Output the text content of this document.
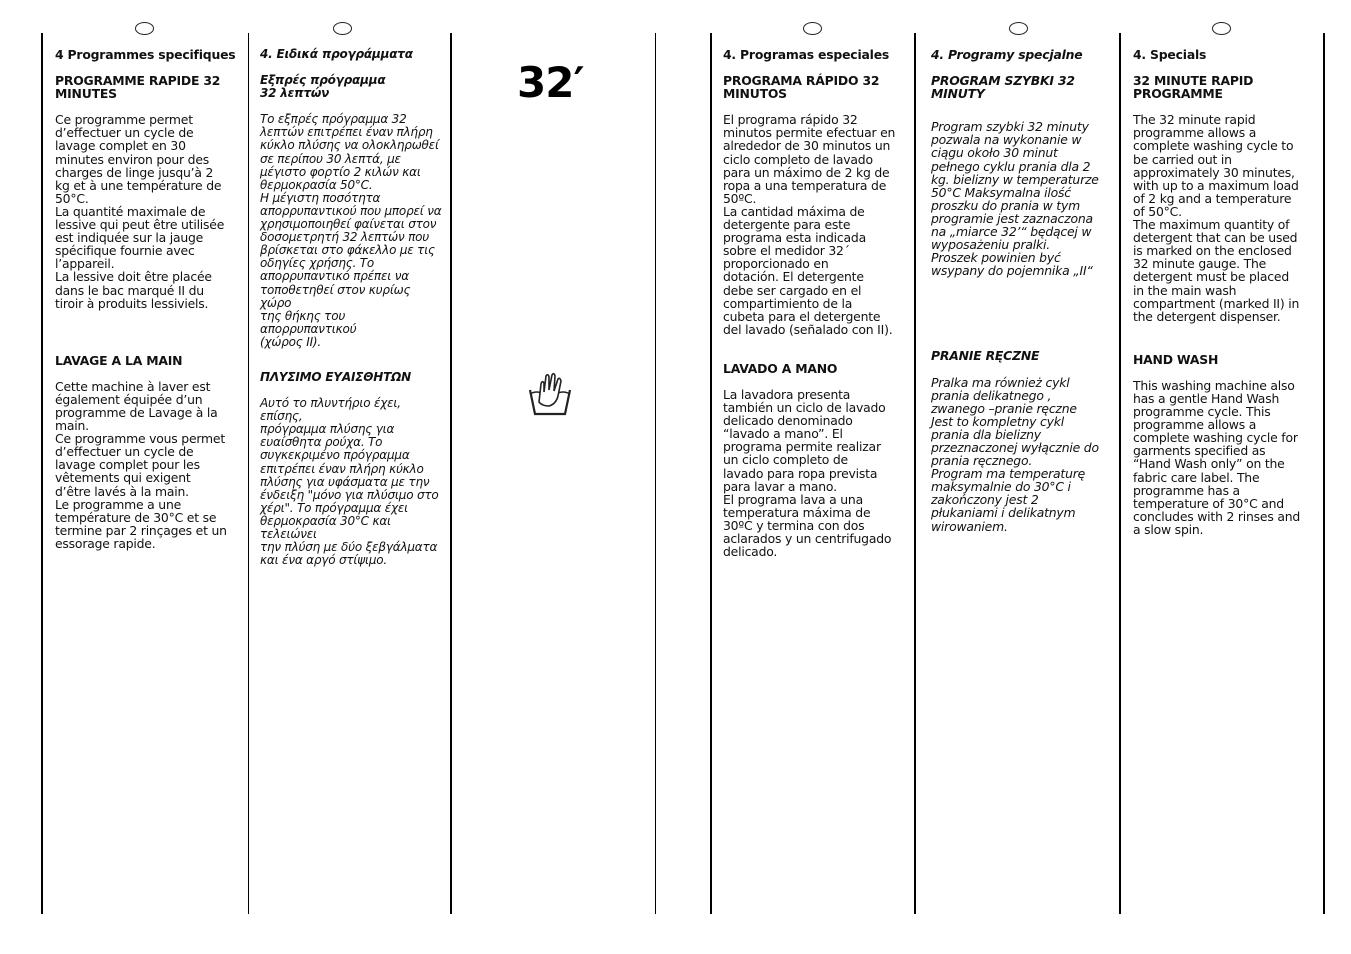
4 Programmes specifiques

PROGRAMME RAPIDE 32
MINUTES

Ce programme permet
d’effectuer un cycle de
lavage complet en 30
minutes environ pour des
charges de linge jusqu’à 2
kg et à une température de
50°C.
La quantité maximale de
lessive qui peut être utilisée
est indiquée sur la jauge
spécifique fournie avec
l’appareil.
La lessive doit être placée
dans le bac marqué II du
tiroir à produits lessiviels.

LAVAGE A LA MAIN

Cette machine à laver est
également équipée d’un
programme de Lavage à la
main.
Ce programme vous permet
d’effectuer un cycle de
lavage complet pour les
vêtements qui exigent
d’être lavés à la main.
Le programme a une
température de 30°C et se
termine par 2 rinçages et un
essorage rapide.

4. Ειδικά προγράμματα

Εξπρές πρόγραμμα
32 λεπτών

Το εξπρές πρόγραμμα 32
λεπτών επιτρέπει έναν πλήρη
κύκλο πλύσης να ολοκληρωθεί
σε περίπου 30 λεπτά, με
μέγιστο φορτίο 2 κιλών και
θερμοκρασία 50°C.
Η μέγιστη ποσότητα
απορρυπαντικού που μπορεί να
χρησιμοποιηθεί φαίνεται στον
δοσομετρητή 32 λεπτών που
βρίσκεται στο φάκελλο με τις
οδηγίες χρήσης. Το
απορρυπαντικό πρέπει να
τοποθετηθεί στον κυρίως χώρο
της θήκης του απορρυπαντικού
(χώρος II).

ΠΛΥΣΙΜΟ ΕΥΑΙΣΘΗΤΩΝ

Αυτό το πλυντήριο έχει, επίσης,
πρόγραμμα πλύσης για
ευαίσθητα ρούχα. Το
συγκεκριμένο πρόγραμμα
επιτρέπει έναν πλήρη κύκλο
πλύσης για υφάσματα με την
ένδειξη "μόνο για πλύσιμο στο
χέρι". Το πρόγραμμα έχει
θερμοκρασία 30°C και τελειώνει
την πλύση με δύο ξεβγάλματα
και ένα αργό στίψιμο.

32′

4. Programas especiales

PROGRAMA RÁPIDO 32
MINUTOS

El programa rápido 32
minutos permite efectuar en
alrededor de 30 minutos un
ciclo completo de lavado
para un máximo de 2 kg de
ropa a una temperatura de
50ºC.
La cantidad máxima de
detergente para este
programa esta indicada
sobre el medidor 32´
proporcionado en
dotación. El detergente
debe ser cargado en el
compartimiento de la
cubeta para el detergente
del lavado (señalado con II).

LAVADO A MANO

La lavadora presenta
también un ciclo de lavado
delicado denominado
“lavado a mano”. El
programa permite realizar
un ciclo completo de
lavado para ropa prevista
para lavar a mano.
El programa lava a una
temperatura máxima de
30ºC y termina con dos
aclarados y un centrifugado
delicado.

4. Programy specjalne

PROGRAM SZYBKI 32 MINUTY

Program szybki 32 minuty
pozwala na wykonanie w
ciągu około 30 minut
pełnego cyklu prania dla 2
kg. bielizny w temperaturze
50°C Maksymalna ilość
proszku do prania w tym
programie jest zaznaczona
na „miarce 32’“ będącej w
wyposażeniu pralki.
Proszek powinien być
wsypany do pojemnika „II“

PRANIE RĘCZNE

Pralka ma również cykl
prania delikatnego ,
zwanego –pranie ręczne
Jest to kompletny cykl
prania dla bielizny
przeznaczonej wyłącznie do
prania ręcznego.
Program ma temperaturę
maksymalnie do 30°C i
zakończony jest 2
płukaniami i delikatnym
wirowaniem.

4. Specials

32 MINUTE RAPID
PROGRAMME

The 32 minute rapid
programme allows a
complete washing cycle to
be carried out in
approximately 30 minutes,
with up to a maximum load
of 2 kg and a temperature
of 50°C.
The maximum quantity of
detergent that can be used
is marked on the enclosed
32 minute gauge. The
detergent must be placed
in the main wash
compartment (marked II) in
the detergent dispenser.

HAND WASH

This washing machine also
has a gentle Hand Wash
programme cycle. This
programme allows a
complete washing cycle for
garments specified as
“Hand Wash only” on the
fabric care label. The
programme has a
temperature of 30°C and
concludes with 2 rinses and
a slow spin.
